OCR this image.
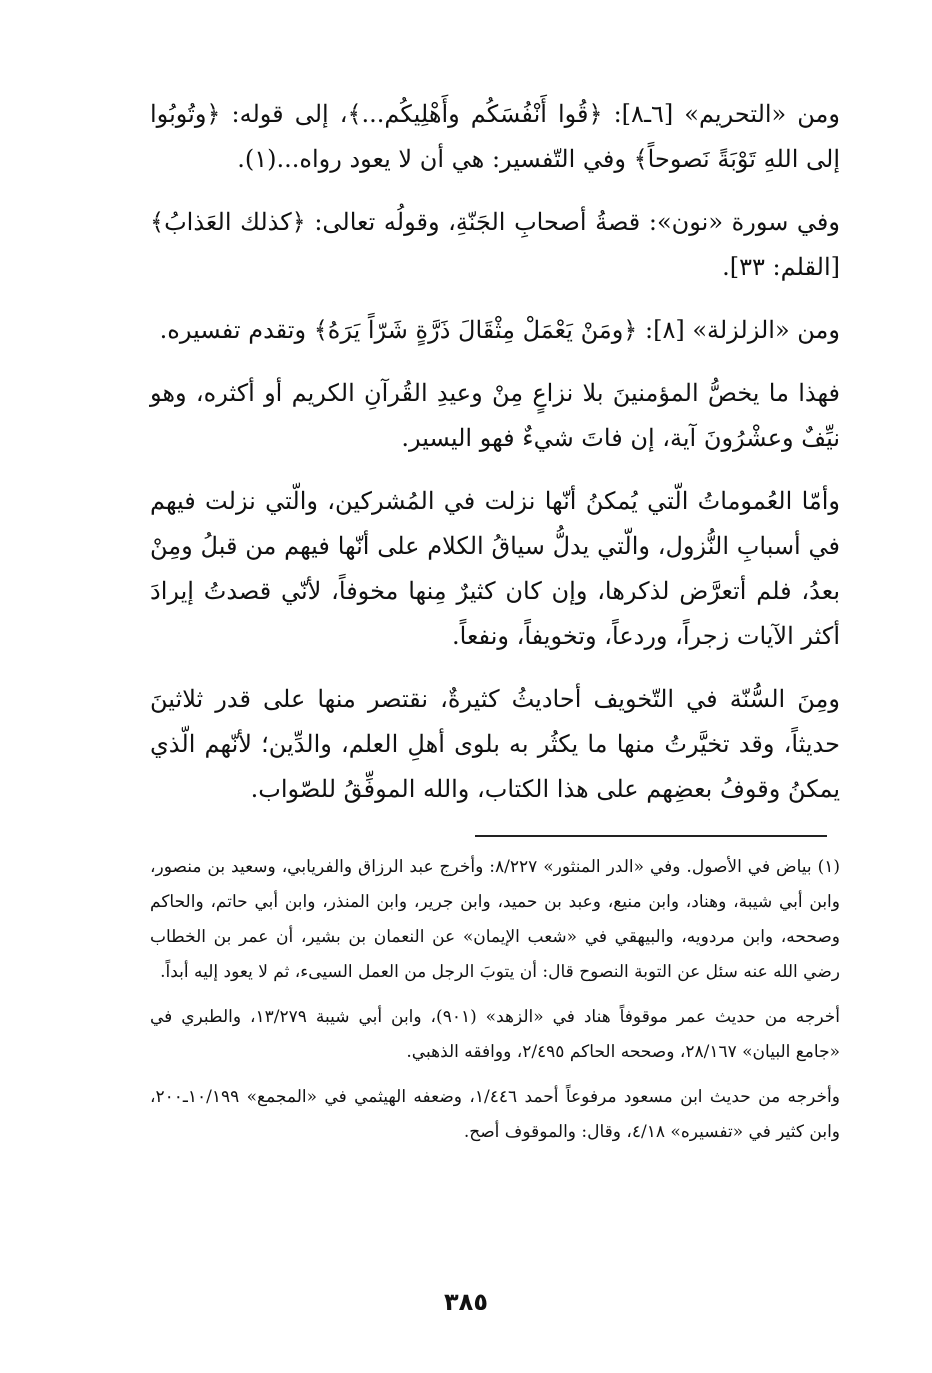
ومن «التحريم» [٦ـ٨]: ﴿قُوا أَنْفُسَكُم وأَهْلِيكُم...﴾، إلى قوله: ﴿وتُوبُوا إلى اللهِ تَوْبَةً نَصوحاً﴾ وفي التّفسير: هي أن لا يعود رواه...(١).

وفي سورة «نون»: قصةُ أصحابِ الجَنّةِ، وقولُه تعالى: ﴿كذلك العَذابُ﴾ [القلم: ٣٣].

ومن «الزلزلة» [٨]: ﴿ومَنْ يَعْمَلْ مِثْقَالَ ذَرَّةٍ شَرّاً يَرَهُ﴾ وتقدم تفسيره.

فهذا ما يخصُّ المؤمنينَ بلا نزاعٍ مِنْ وعيدِ القُرآنِ الكريم أو أكثره، وهو نيِّفٌ وعشْرُونَ آية، إن فاتَ شيءٌ فهو اليسير.

وأمّا العُموماتُ الّتي يُمكنُ أنّها نزلت في المُشركين، والّتي نزلت فيهم في أسبابِ النُّزول، والّتي يدلُّ سياقُ الكلام على أنّها فيهم من قبلُ ومِنْ بعدُ، فلم أتعرَّض لذكرها، وإن كان كثيرٌ مِنها مخوفاً، لأنّي قصدتُ إيرادَ أكثر الآيات زجراً، وردعاً، وتخويفاً، ونفعاً.

ومِنَ السُّنّة في التّخويف أحاديثُ كثيرةٌ، نقتصر منها على قدر ثلاثينَ حديثاً، وقد تخيَّرتُ منها ما يكثُر به بلوى أهلِ العلم، والدِّين؛ لأنّهم الّذي يمكنُ وقوفُ بعضِهم على هذا الكتاب، والله الموفِّقُ للصّواب.

(١) بياض في الأصول. وفي «الدر المنثور» ٨/٢٢٧: وأخرج عبد الرزاق والفريابي، وسعيد بن منصور، وابن أبي شيبة، وهناد، وابن منيع، وعبد بن حميد، وابن جرير، وابن المنذر، وابن أبي حاتم، والحاكم وصححه، وابن مردويه، والبيهقي في «شعب الإيمان» عن النعمان بن بشير، أن عمر بن الخطاب رضي الله عنه سئل عن التوبة النصوح قال: أن يتوبَ الرجل من العمل السيىء، ثم لا يعود إليه أبداً.

أخرجه من حديث عمر موقوفاً هناد في «الزهد» (٩٠١)، وابن أبي شيبة ١٣/٢٧٩، والطبري في «جامع البيان» ٢٨/١٦٧، وصححه الحاكم ٢/٤٩٥، ووافقه الذهبي.

وأخرجه من حديث ابن مسعود مرفوعاً أحمد ١/٤٤٦، وضعفه الهيثمي في «المجمع» ١٠/١٩٩ـ٢٠٠، وابن كثير في «تفسيره» ٤/١٨، وقال: والموقوف أصح.

٣٨٥
